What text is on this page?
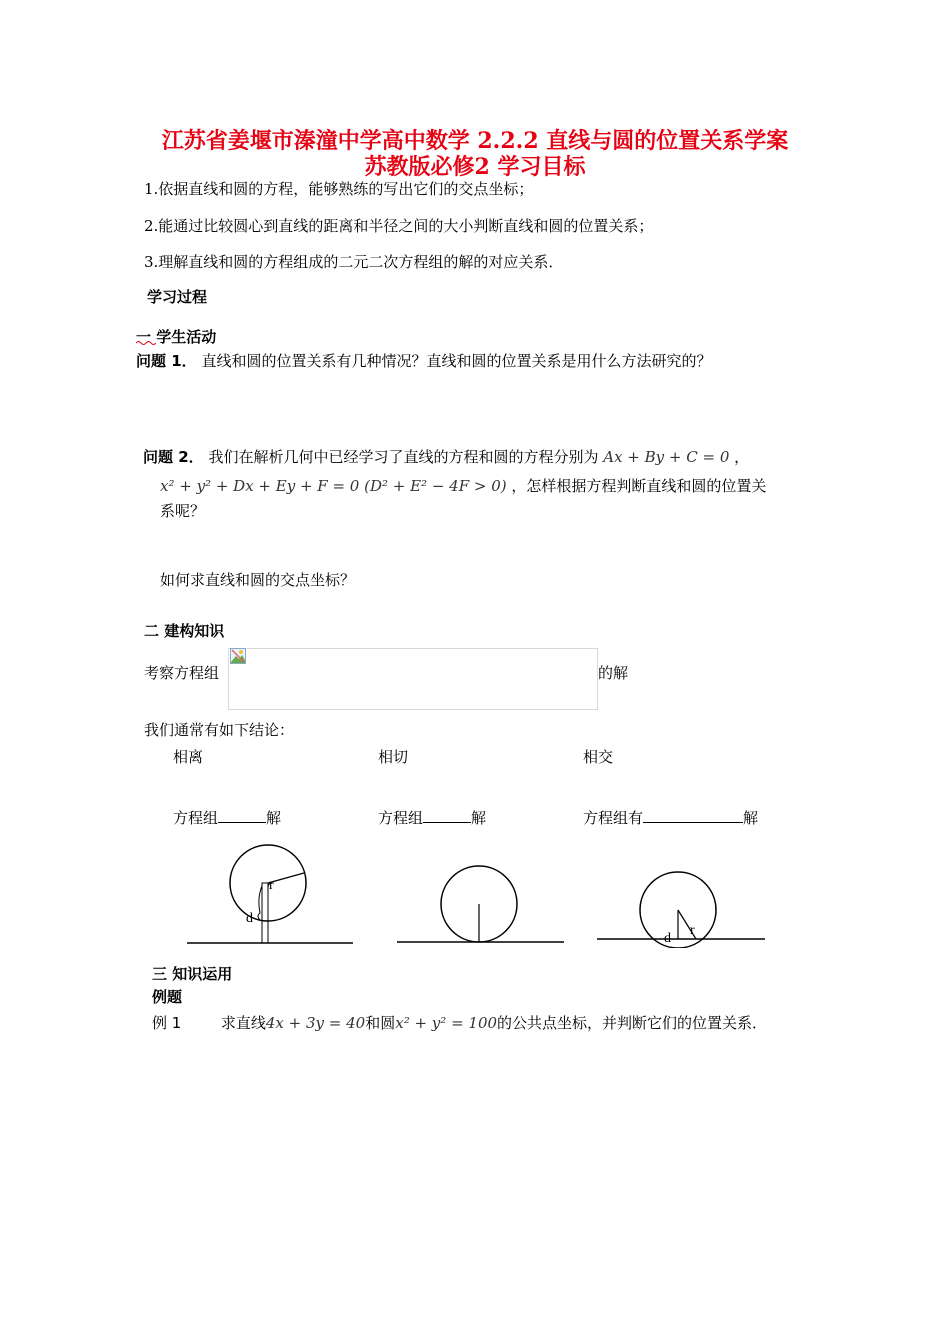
江苏省姜堰市溱潼中学高中数学 2.2.2 直线与圆的位置关系学案
苏教版必修2 学习目标
1.依据直线和圆的方程，能够熟练的写出它们的交点坐标；
2.能通过比较圆心到直线的距离和半径之间的大小判断直线和圆的位置关系；
3.理解直线和圆的方程组成的二元二次方程组的解的对应关系．
学习过程
一 学生活动
问题 1． 直线和圆的位置关系有几种情况？直线和圆的位置关系是用什么方法研究的？
问题 2． 我们在解析几何中已经学习了直线的方程和圆的方程分别为 Ax + By + C = 0 ，
x² + y² + Dx + Ey + F = 0 (D² + E² − 4F > 0) ，怎样根据方程判断直线和圆的位置关
系呢？
如何求直线和圆的交点坐标？
二 建构知识
考察方程组	的解
我们通常有如下结论：
相离	相切	相交
方程组	解	方程组	解	方程组有	解
r
d
d
r
三 知识运用
例题
例 1	求直线4x + 3y = 40和圆x² + y² = 100的公共点坐标，并判断它们的位置关系．
